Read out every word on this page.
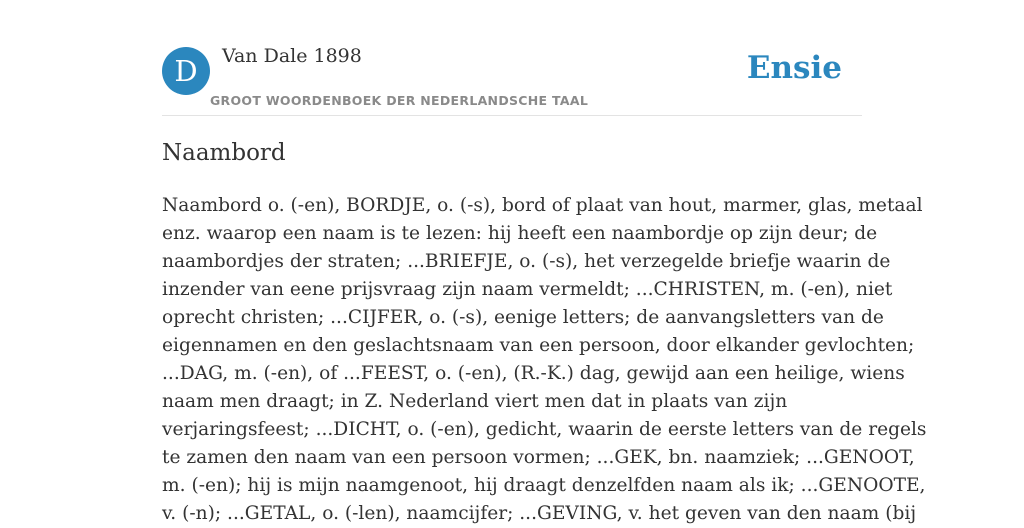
D	Van Dale 1898
GROOT WOORDENBOEK DER NEDERLANDSCHE TAAL
Ensie
Naambord

Naambord o. (-en), BORDJE, o. (-s), bord of plaat van hout, marmer, glas, metaal
enz. waarop een naam is te lezen: hij heeft een naambordje op zijn deur; de
naambordjes der straten; ...BRIEFJE, o. (-s), het verzegelde briefje waarin de
inzender van eene prijsvraag zijn naam vermeldt; ...CHRISTEN, m. (-en), niet
oprecht christen; ...CIJFER, o. (-s), eenige letters; de aanvangsletters van de
eigennamen en den geslachtsnaam van een persoon, door elkander gevlochten;
...DAG, m. (-en), of ...FEEST, o. (-en), (R.-K.) dag, gewijd aan een heilige, wiens
naam men draagt; in Z. Nederland viert men dat in plaats van zijn
verjaringsfeest; ...DICHT, o. (-en), gedicht, waarin de eerste letters van de regels
te zamen den naam van een persoon vormen; ...GEK, bn. naamziek; ...GENOOT,
m. (-en); hij is mijn naamgenoot, hij draagt denzelfden naam als ik; ...GENOOTE,
v. (-n); ...GETAL, o. (-len), naamcijfer; ...GEVING, v. het geven van den naam (bij
